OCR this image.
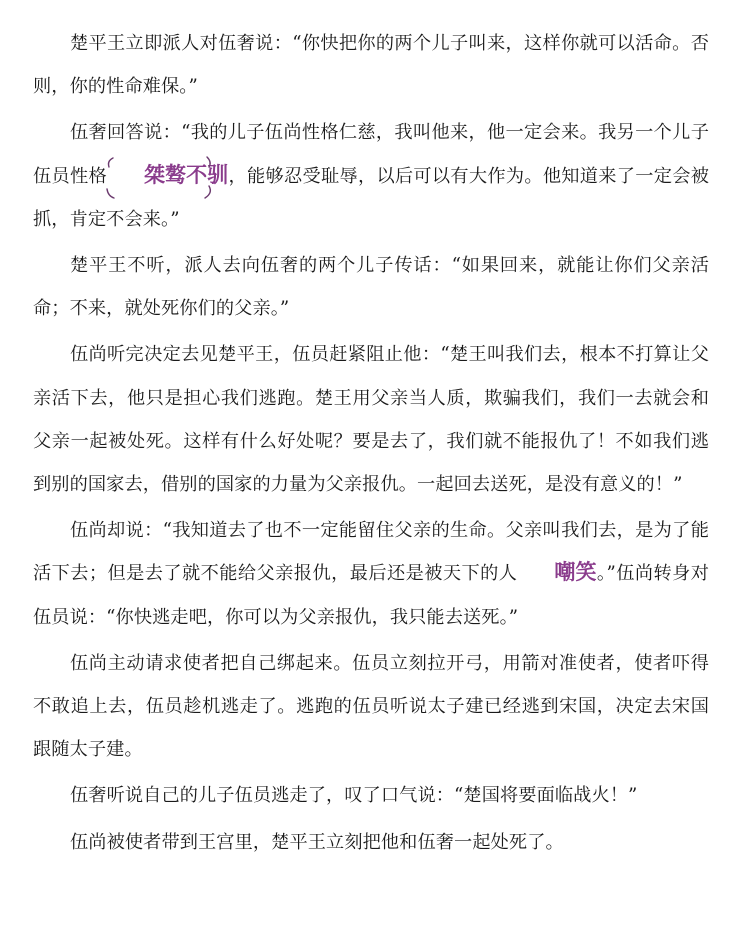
楚平王立即派人对伍奢说：“你快把你的两个儿子叫来，这样你就可以活命。否则，你的性命难保。”

伍奢回答说：“我的儿子伍尚性格仁慈，我叫他来，他一定会来。我另一个儿子伍员性格 桀骜不驯
，能够忍受耻辱，以后可以有大作为。他知道来了一定会被抓，肯定不会来。”

楚平王不听，派人去向伍奢的两个儿子传话：“如果回来，就能让你们父亲活命；不来，就处死你们的父亲。”

伍尚听完决定去见楚平王，伍员赶紧阻止他：“楚王叫我们去，根本不打算让父亲活下去，他只是担心我们逃跑。楚王用父亲当人质，欺骗我们，我们一去就会和父亲一起被处死。这样有什么好处呢？要是去了，我们就不能报仇了！不如我们逃到别的国家去，借别的国家的力量为父亲报仇。一起回去送死，是没有意义的！”

伍尚却说：“我知道去了也不一定能留住父亲的生命。父亲叫我们去，是为了能活下去；但是去了就不能给父亲报仇，最后还是被天下的人 嘲笑。”伍尚转身对伍员说：“你快逃走吧，你可以为父亲报仇，我只能去送死。”

伍尚主动请求使者把自己绑起来。伍员立刻拉开弓，用箭对准使者，使者吓得不敢追上去，伍员趁机逃走了。逃跑的伍员听说太子建已经逃到宋国，决定去宋国跟随太子建。

伍奢听说自己的儿子伍员逃走了，叹了口气说：“楚国将要面临战火！”

伍尚被使者带到王宫里，楚平王立刻把他和伍奢一起处死了。
